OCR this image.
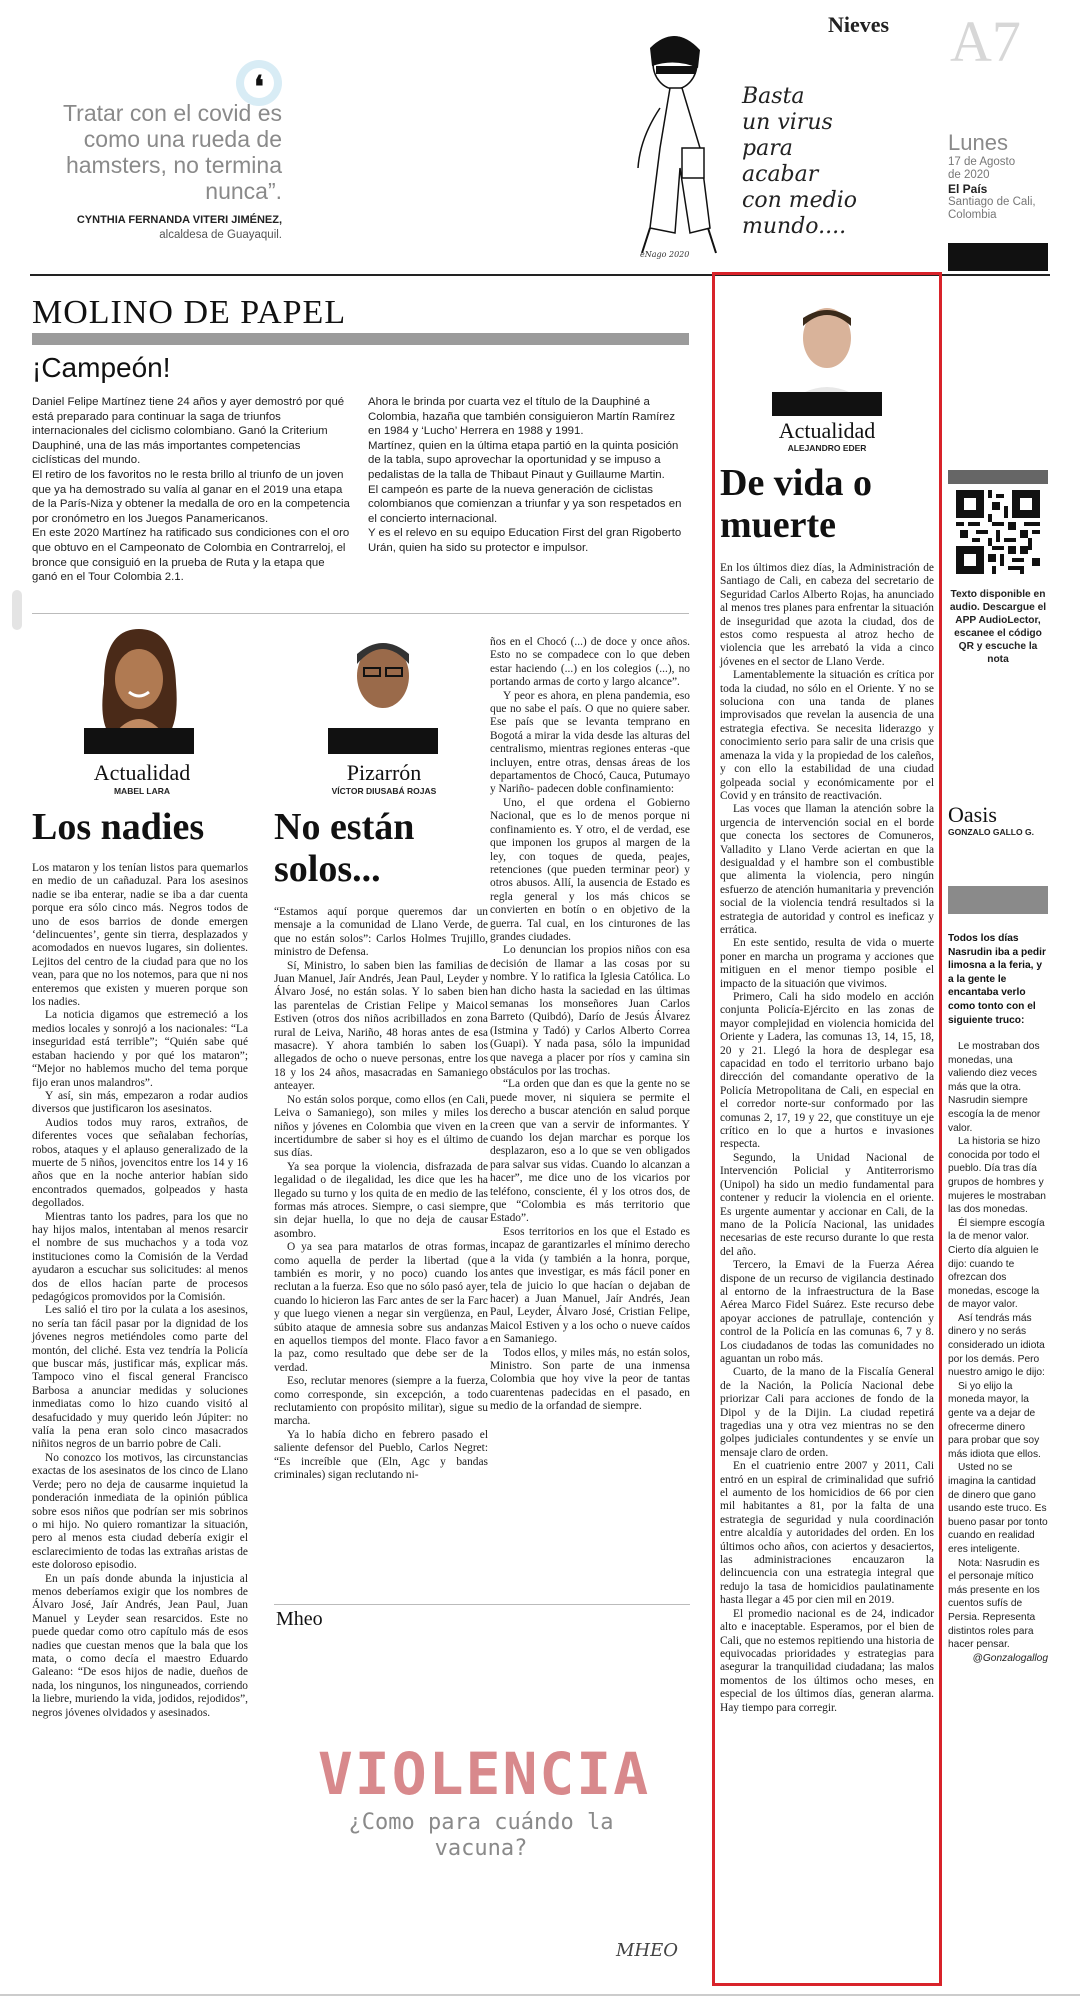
❛
Tratar con el covid es como una rueda de hamsters, no termina nunca”.
CYNTHIA FERNANDA VITERI JIMÉNEZ,
alcaldesa de Guayaquil.
Basta
un virus
para
acabar
con medio
mundo....
eNago 2020
Nieves A7
Lunes
17 de Agosto de 2020
El País
Santiago de Cali, Colombia
MOLINO DE PAPEL
¡Campeón!
Daniel Felipe Martínez tiene 24 años y ayer demostró por qué está preparado para continuar la saga de triunfos internacionales del ciclismo colombiano. Ganó la Criterium Dauphiné, una de las más importantes competencias ciclísticas del mundo.
El retiro de los favoritos no le resta brillo al triunfo de un joven que ya ha demostrado su valía al ganar en el 2019 una etapa de la París-Niza y obtener la medalla de oro en la competencia por cronómetro en los Juegos Panamericanos.
En este 2020 Martínez ha ratificado sus condiciones con el oro que obtuvo en el Campeonato de Colombia en Contrarreloj, el bronce que consiguió en la prueba de Ruta y la etapa que ganó en el Tour Colombia 2.1.
Ahora le brinda por cuarta vez el título de la Dauphiné a Colombia, hazaña que también consiguieron Martín Ramírez en 1984 y ‘Lucho’ Herrera en 1988 y 1991.
Martínez, quien en la última etapa partió en la quinta posición de la tabla, supo aprovechar la oportunidad y se impuso a pedalistas de la talla de Thibaut Pinaut y Guillaume Martin.
El campeón es parte de la nueva generación de ciclistas colombianos que comienzan a triunfar y ya son respetados en el concierto internacional.
Y es el relevo en su equipo Education First del gran Rigoberto Urán, quien ha sido su protector e impulsor.
Actualidad
MABEL LARA
Los nadies

Los mataron y los tenían listos para quemarlos en medio de un cañaduzal. Para los asesinos nadie se iba enterar, nadie se iba a dar cuenta porque era sólo cinco más. Negros todos de uno de esos barrios de donde emergen ‘delincuentes’, gente sin tierra, desplazados y acomodados en nuevos lugares, sin dolientes. Lejitos del centro de la ciudad para que no los vean, para que no los notemos, para que ni nos enteremos que existen y mueren porque son los nadies.

La noticia digamos que estremeció a los medios locales y sonrojó a los nacionales: “La inseguridad está terrible”; “Quién sabe qué estaban haciendo y por qué los mataron”; “Mejor no hablemos mucho del tema porque fijo eran unos malandros”.

Y así, sin más, empezaron a rodar audios diversos que justificaron los asesinatos.

Audios todos muy raros, extraños, de diferentes voces que señalaban fechorías, robos, ataques y el aplauso generalizado de la muerte de 5 niños, jovencitos entre los 14 y 16 años que en la noche anterior habían sido encontrados quemados, golpeados y hasta degollados.

Mientras tanto los padres, para los que no hay hijos malos, intentaban al menos resarcir el nombre de sus muchachos y a toda voz instituciones como la Comisión de la Verdad ayudaron a escuchar sus solicitudes: al menos dos de ellos hacían parte de procesos pedagógicos promovidos por la Comisión.

Les salió el tiro por la culata a los asesinos, no sería tan fácil pasar por la dignidad de los jóvenes negros metiéndoles como parte del montón, del cliché. Esta vez tendría la Policía que buscar más, justificar más, explicar más. Tampoco vino el fiscal general Francisco Barbosa a anunciar medidas y soluciones inmediatas como lo hizo cuando visitó al desafucidado y muy querido león Júpiter: no valía la pena eran solo cinco masacrados niñitos negros de un barrio pobre de Cali.

No conozco los motivos, las circunstancias exactas de los asesinatos de los cinco de Llano Verde; pero no deja de causarme inquietud la ponderación inmediata de la opinión pública sobre esos niños que podrían ser mis sobrinos o mi hijo. No quiero romantizar la situación, pero al menos esta ciudad debería exigir el esclarecimiento de todas las extrañas aristas de este doloroso episodio.

En un país donde abunda la injusticia al menos deberíamos exigir que los nombres de Álvaro José, Jaír Andrés, Jean Paul, Juan Manuel y Leyder sean resarcidos. Este no puede quedar como otro capítulo más de esos nadies que cuestan menos que la bala que los mata, o como decía el maestro Eduardo Galeano: “De esos hijos de nadie, dueños de nada, los ningunos, los ninguneados, corriendo la liebre, muriendo la vida, jodidos, rejodidos”, negros jóvenes olvidados y asesinados.

Pizarrón
VÍCTOR DIUSABÁ ROJAS
No están solos...

“Estamos aquí porque queremos dar un mensaje a la comunidad de Llano Verde, de que no están solos”: Carlos Holmes Trujillo, ministro de Defensa.

Sí, Ministro, lo saben bien las familias de Juan Manuel, Jaír Andrés, Jean Paul, Leyder y Álvaro José, no están solas. Y lo saben bien las parentelas de Cristian Felipe y Maicol Estiven (otros dos niños acribillados en zona rural de Leiva, Nariño, 48 horas antes de esa masacre). Y ahora también lo saben los allegados de ocho o nueve personas, entre los 18 y los 24 años, masacradas en Samaniego anteayer.

No están solos porque, como ellos (en Cali, Leiva o Samaniego), son miles y miles los niños y jóvenes en Colombia que viven en la incertidumbre de saber si hoy es el último de sus días.

Ya sea porque la violencia, disfrazada de legalidad o de ilegalidad, les dice que les ha llegado su turno y los quita de en medio de las formas más atroces. Siempre, o casi siempre, sin dejar huella, lo que no deja de causar asombro.

O ya sea para matarlos de otras formas, como aquella de perder la libertad (que también es morir, y no poco) cuando los reclutan a la fuerza. Eso que no sólo pasó ayer, cuando lo hicieron las Farc antes de ser la Farc y que luego vienen a negar sin vergüenza, en súbito ataque de amnesia sobre sus andanzas en aquellos tiempos del monte. Flaco favor a la paz, como resultado que debe ser de la verdad.

Eso, reclutar menores (siempre a la fuerza, como corresponde, sin excepción, a todo reclutamiento con propósito militar), sigue su marcha.

Ya lo había dicho en febrero pasado el saliente defensor del Pueblo, Carlos Negret: “Es increíble que (Eln, Agc y bandas criminales) sigan reclutando ni-

ños en el Chocó (...) de doce y once años. Esto no se compadece con lo que deben estar haciendo (...) en los colegios (...), no portando armas de corto y largo alcance”.

Y peor es ahora, en plena pandemia, eso que no sabe el país. O que no quiere saber. Ese país que se levanta temprano en Bogotá a mirar la vida desde las alturas del centralismo, mientras regiones enteras -que incluyen, entre otras, densas áreas de los departamentos de Chocó, Cauca, Putumayo y Nariño- padecen doble confinamiento:

Uno, el que ordena el Gobierno Nacional, que es lo de menos porque ni confinamiento es. Y otro, el de verdad, ese que imponen los grupos al margen de la ley, con toques de queda, peajes, retenciones (que pueden terminar peor) y otros abusos. Allí, la ausencia de Estado es regla general y los más chicos se convierten en botín o en objetivo de la guerra. Tal cual, en los cinturones de las grandes ciudades.

Lo denuncian los propios niños con esa decisión de llamar a las cosas por su nombre. Y lo ratifica la Iglesia Católica. Lo han dicho hasta la saciedad en las últimas semanas los monseñores Juan Carlos Barreto (Quibdó), Darío de Jesús Álvarez (Istmina y Tadó) y Carlos Alberto Correa (Guapi). Y nada pasa, sólo la impunidad que navega a placer por ríos y camina sin obstáculos por las trochas.

“La orden que dan es que la gente no se puede mover, ni siquiera se permite el derecho a buscar atención en salud porque creen que van a servir de informantes. Y cuando los dejan marchar es porque los desplazaron, eso a lo que se ven obligados para salvar sus vidas. Cuando lo alcanzan a hacer”, me dice uno de los vicarios por teléfono, consciente, él y los otros dos, de que “Colombia es más territorio que Estado”.

Esos territorios en los que el Estado es incapaz de garantizarles el mínimo derecho a la vida (y también a la honra, porque, antes que investigar, es más fácil poner en tela de juicio lo que hacían o dejaban de hacer) a Juan Manuel, Jaír Andrés, Jean Paul, Leyder, Álvaro José, Cristian Felipe, Maicol Estiven y a los ocho o nueve caídos en Samaniego.

Todos ellos, y miles más, no están solos, Ministro. Son parte de una inmensa Colombia que hoy vive la peor de tantas cuarentenas padecidas en el pasado, en medio de la orfandad de siempre.

Mheo
VIOLENCIA
¿Como para cuándo la vacuna?
MHEO
Actualidad
ALEJANDRO EDER
De vida o muerte

En los últimos diez días, la Administración de Santiago de Cali, en cabeza del secretario de Seguridad Carlos Alberto Rojas, ha anunciado al menos tres planes para enfrentar la situación de inseguridad que azota la ciudad, dos de estos como respuesta al atroz hecho de violencia que les arrebató la vida a cinco jóvenes en el sector de Llano Verde.

Lamentablemente la situación es crítica por toda la ciudad, no sólo en el Oriente. Y no se soluciona con una tanda de planes improvisados que revelan la ausencia de una estrategia efectiva. Se necesita liderazgo y conocimiento serio para salir de una crisis que amenaza la vida y la propiedad de los caleños, y con ello la estabilidad de una ciudad golpeada social y económicamente por el Covid y en tránsito de reactivación.

Las voces que llaman la atención sobre la urgencia de intervención social en el borde que conecta los sectores de Comuneros, Valladito y Llano Verde aciertan en que la desigualdad y el hambre son el combustible que alimenta la violencia, pero ningún esfuerzo de atención humanitaria y prevención social de la violencia tendrá resultados si la estrategia de autoridad y control es ineficaz y errática.

En este sentido, resulta de vida o muerte poner en marcha un programa y acciones que mitiguen en el menor tiempo posible el impacto de la situación que vivimos.

Primero, Cali ha sido modelo en acción conjunta Policía-Ejército en las zonas de mayor complejidad en violencia homicida del Oriente y Ladera, las comunas 13, 14, 15, 18, 20 y 21. Llegó la hora de desplegar esa capacidad en todo el territorio urbano bajo dirección del comandante operativo de la Policía Metropolitana de Cali, en especial en el corredor norte-sur conformado por las comunas 2, 17, 19 y 22, que constituye un eje crítico en lo que a hurtos e invasiones respecta.

Segundo, la Unidad Nacional de Intervención Policial y Antiterrorismo (Unipol) ha sido un medio fundamental para contener y reducir la violencia en el oriente. Es urgente aumentar y accionar en Cali, de la mano de la Policía Nacional, las unidades necesarias de este recurso durante lo que resta del año.

Tercero, la Emavi de la Fuerza Aérea dispone de un recurso de vigilancia destinado al entorno de la infraestructura de la Base Aérea Marco Fidel Suárez. Este recurso debe apoyar acciones de patrullaje, contención y control de la Policía en las comunas 6, 7 y 8. Los ciudadanos de todas las comunidades no aguantan un robo más.

Cuarto, de la mano de la Fiscalía General de la Nación, la Policía Nacional debe priorizar Cali para acciones de fondo de la Dipol y de la Dijin. La ciudad repetirá tragedias una y otra vez mientras no se den golpes judiciales contundentes y se envíe un mensaje claro de orden.

En el cuatrienio entre 2007 y 2011, Cali entró en un espiral de criminalidad que sufrió el aumento de los homicidios de 66 por cien mil habitantes a 81, por la falta de una estrategia de seguridad y nula coordinación entre alcaldía y autoridades del orden. En los últimos ocho años, con aciertos y desaciertos, las administraciones encauzaron la delincuencia con una estrategia integral que redujo la tasa de homicidios paulatinamente hasta llegar a 45 por cien mil en 2019.

El promedio nacional es de 24, indicador alto e inaceptable. Esperamos, por el bien de Cali, que no estemos repitiendo una historia de equivocadas prioridades y estrategias para asegurar la tranquilidad ciudadana; las malos momentos de los últimos ocho meses, en especial de los últimos días, generan alarma. Hay tiempo para corregir.

Texto disponible en audio. Descargue el APP AudioLector, escanee el código QR y escuche la nota
Oasis
GONZALO GALLO G.
Todos los días Nasrudin iba a pedir limosna a la feria, y a la gente le encantaba verlo como tonto con el siguiente truco:

Le mostraban dos monedas, una valiendo diez veces más que la otra. Nasrudin siempre escogía la de menor valor.

La historia se hizo conocida por todo el pueblo. Día tras día grupos de hombres y mujeres le mostraban las dos monedas.

Él siempre escogía la de menor valor. Cierto día alguien le dijo: cuando te ofrezcan dos monedas, escoge la de mayor valor.

Así tendrás más dinero y no serás considerado un idiota por los demás. Pero nuestro amigo le dijo:

Si yo elijo la moneda mayor, la gente va a dejar de ofrecerme dinero para probar que soy más idiota que ellos.

Usted no se imagina la cantidad de dinero que gano usando este truco. Es bueno pasar por tonto cuando en realidad eres inteligente.

Nota: Nasrudin es el personaje mítico más presente en los cuentos sufís de Persia. Representa distintos roles para hacer pensar.

@Gonzalogallog
